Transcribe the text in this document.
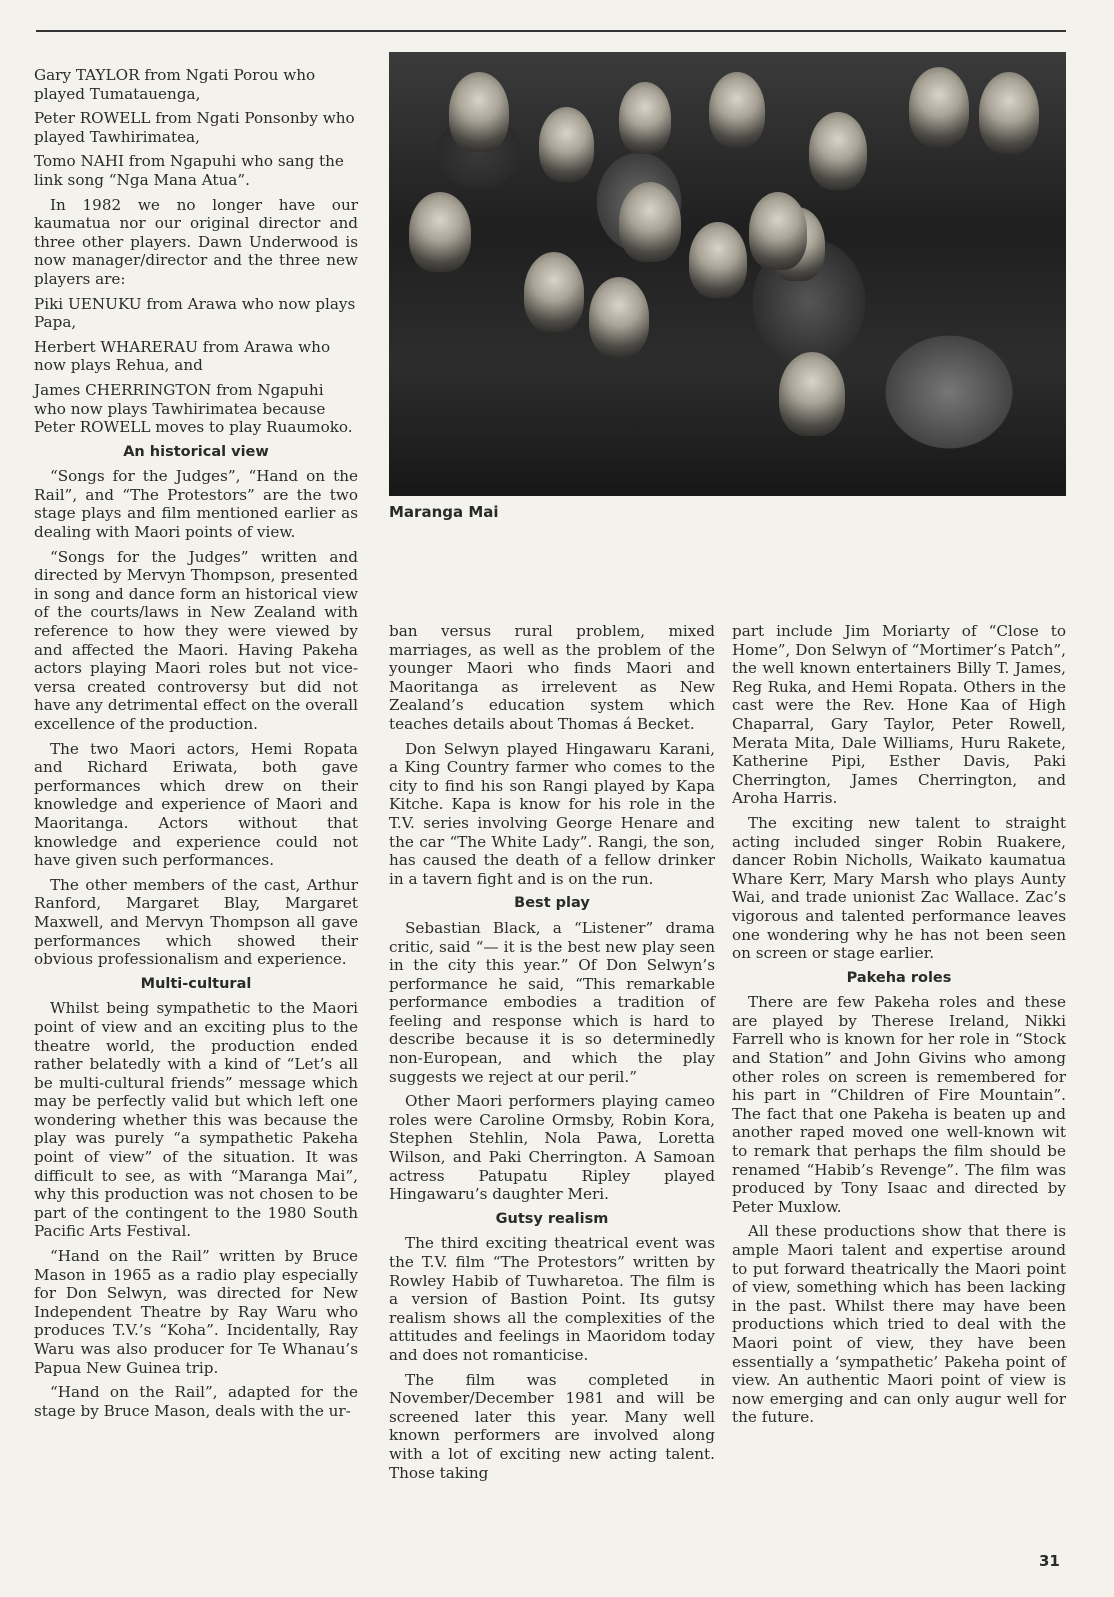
Gary TAYLOR from Ngati Porou who played Tumatauenga,

Peter ROWELL from Ngati Ponsonby who played Tawhirimatea,

Tomo NAHI from Ngapuhi who sang the link song “Nga Mana Atua”.

In 1982 we no longer have our kaumatua nor our original director and three other players. Dawn Underwood is now manager/director and the three new players are:

Piki UENUKU from Arawa who now plays Papa,

Herbert WHARERAU from Arawa who now plays Rehua, and

James CHERRINGTON from Ngapuhi who now plays Tawhirimatea because Peter ROWELL moves to play Ruaumoko.

An historical view

“Songs for the Judges”, “Hand on the Rail”, and “The Protestors” are the two stage plays and film mentioned earlier as dealing with Maori points of view.

“Songs for the Judges” written and directed by Mervyn Thompson, presented in song and dance form an historical view of the courts/laws in New Zealand with reference to how they were viewed by and affected the Maori. Having Pakeha actors playing Maori roles but not vice-versa created controversy but did not have any detrimental effect on the overall excellence of the production.

The two Maori actors, Hemi Ropata and Richard Eriwata, both gave performances which drew on their knowledge and experience of Maori and Maoritanga. Actors without that knowledge and experience could not have given such performances.

The other members of the cast, Arthur Ranford, Margaret Blay, Margaret Maxwell, and Mervyn Thompson all gave performances which showed their obvious professionalism and experience.

Multi-cultural

Whilst being sympathetic to the Maori point of view and an exciting plus to the theatre world, the production ended rather belatedly with a kind of “Let’s all be multi-cultural friends” message which may be perfectly valid but which left one wondering whether this was because the play was purely “a sympathetic Pakeha point of view” of the situation. It was difficult to see, as with “Maranga Mai”, why this production was not chosen to be part of the contingent to the 1980 South Pacific Arts Festival.

“Hand on the Rail” written by Bruce Mason in 1965 as a radio play especially for Don Selwyn, was directed for New Independent Theatre by Ray Waru who produces T.V.’s “Koha”. Incidentally, Ray Waru was also producer for Te Whanau’s Papua New Guinea trip.

“Hand on the Rail”, adapted for the stage by Bruce Mason, deals with the ur-

Maranga Mai

ban versus rural problem, mixed marriages, as well as the problem of the younger Maori who finds Maori and Maoritanga as irrelevent as New Zealand’s education system which teaches details about Thomas á Becket.

Don Selwyn played Hingawaru Karani, a King Country farmer who comes to the city to find his son Rangi played by Kapa Kitche. Kapa is know for his role in the T.V. series involving George Henare and the car “The White Lady”. Rangi, the son, has caused the death of a fellow drinker in a tavern fight and is on the run.

Best play

Sebastian Black, a “Listener” drama critic, said “— it is the best new play seen in the city this year.” Of Don Selwyn’s performance he said, “This remarkable performance embodies a tradition of feeling and response which is hard to describe because it is so determinedly non-European, and which the play suggests we reject at our peril.”

Other Maori performers playing cameo roles were Caroline Ormsby, Robin Kora, Stephen Stehlin, Nola Pawa, Loretta Wilson, and Paki Cherrington. A Samoan actress Patupatu Ripley played Hingawaru’s daughter Meri.

Gutsy realism

The third exciting theatrical event was the T.V. film “The Protestors” written by Rowley Habib of Tuwharetoa. The film is a version of Bastion Point. Its gutsy realism shows all the complexities of the attitudes and feelings in Maoridom today and does not romanticise.

The film was completed in November/December 1981 and will be screened later this year. Many well known performers are involved along with a lot of exciting new acting talent. Those taking

part include Jim Moriarty of “Close to Home”, Don Selwyn of “Mortimer’s Patch”, the well known entertainers Billy T. James, Reg Ruka, and Hemi Ropata. Others in the cast were the Rev. Hone Kaa of High Chaparral, Gary Taylor, Peter Rowell, Merata Mita, Dale Williams, Huru Rakete, Katherine Pipi, Esther Davis, Paki Cherrington, James Cherrington, and Aroha Harris.

The exciting new talent to straight acting included singer Robin Ruakere, dancer Robin Nicholls, Waikato kaumatua Whare Kerr, Mary Marsh who plays Aunty Wai, and trade unionist Zac Wallace. Zac’s vigorous and talented performance leaves one wondering why he has not been seen on screen or stage earlier.

Pakeha roles

There are few Pakeha roles and these are played by Therese Ireland, Nikki Farrell who is known for her role in “Stock and Station” and John Givins who among other roles on screen is remembered for his part in “Children of Fire Mountain”. The fact that one Pakeha is beaten up and another raped moved one well-known wit to remark that perhaps the film should be renamed “Habib’s Revenge”. The film was produced by Tony Isaac and directed by Peter Muxlow.

All these productions show that there is ample Maori talent and expertise around to put forward theatrically the Maori point of view, something which has been lacking in the past. Whilst there may have been productions which tried to deal with the Maori point of view, they have been essentially a ‘sympathetic’ Pakeha point of view. An authentic Maori point of view is now emerging and can only augur well for the future.

31
